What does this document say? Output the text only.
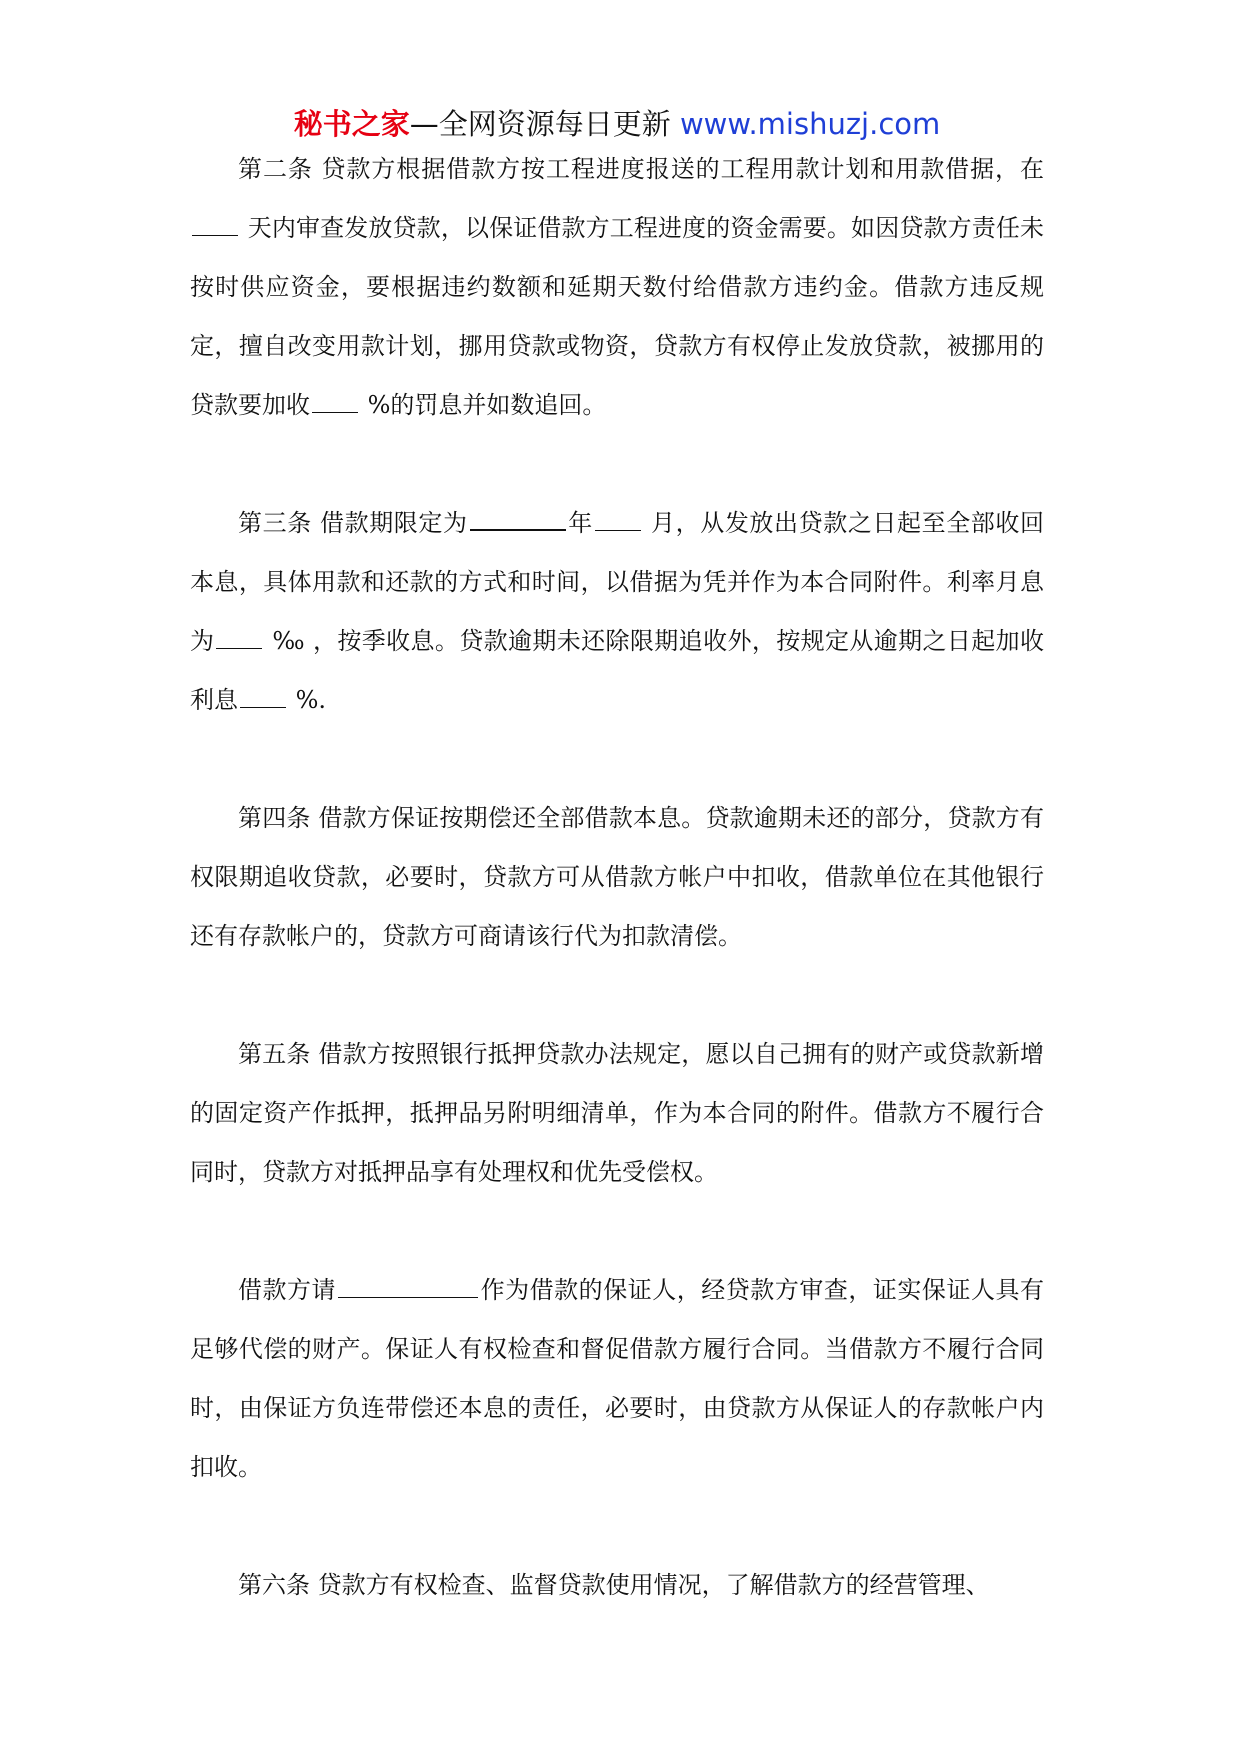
秘书之家—全网资源每日更新 www.mishuzj.com

第二条 贷款方根据借款方按工程进度报送的工程用款计划和用款借据，在 天内审查发放贷款，以保证借款方工程进度的资金需要。如因贷款方责任未按时供应资金，要根据违约数额和延期天数付给借款方违约金。借款方违反规定，擅自改变用款计划，挪用贷款或物资，贷款方有权停止发放贷款，被挪用的贷款要加收 %的罚息并如数追回。

第三条 借款期限定为	年 月，从发放出贷款之日起至全部收回本息，具体用款和还款的方式和时间，以借据为凭并作为本合同附件。利率月息为 ‰ ，按季收息。贷款逾期未还除限期追收外，按规定从逾期之日起加收利息 %.

第四条 借款方保证按期偿还全部借款本息。贷款逾期未还的部分，贷款方有权限期追收贷款，必要时，贷款方可从借款方帐户中扣收，借款单位在其他银行还有存款帐户的，贷款方可商请该行代为扣款清偿。

第五条 借款方按照银行抵押贷款办法规定，愿以自己拥有的财产或贷款新增的固定资产作抵押，抵押品另附明细清单，作为本合同的附件。借款方不履行合同时，贷款方对抵押品享有处理权和优先受偿权。

借款方请	作为借款的保证人，经贷款方审查，证实保证人具有足够代偿的财产。保证人有权检查和督促借款方履行合同。当借款方不履行合同时，由保证方负连带偿还本息的责任，必要时，由贷款方从保证人的存款帐户内扣收。

第六条 贷款方有权检查、监督贷款使用情况，了解借款方的经营管理、
